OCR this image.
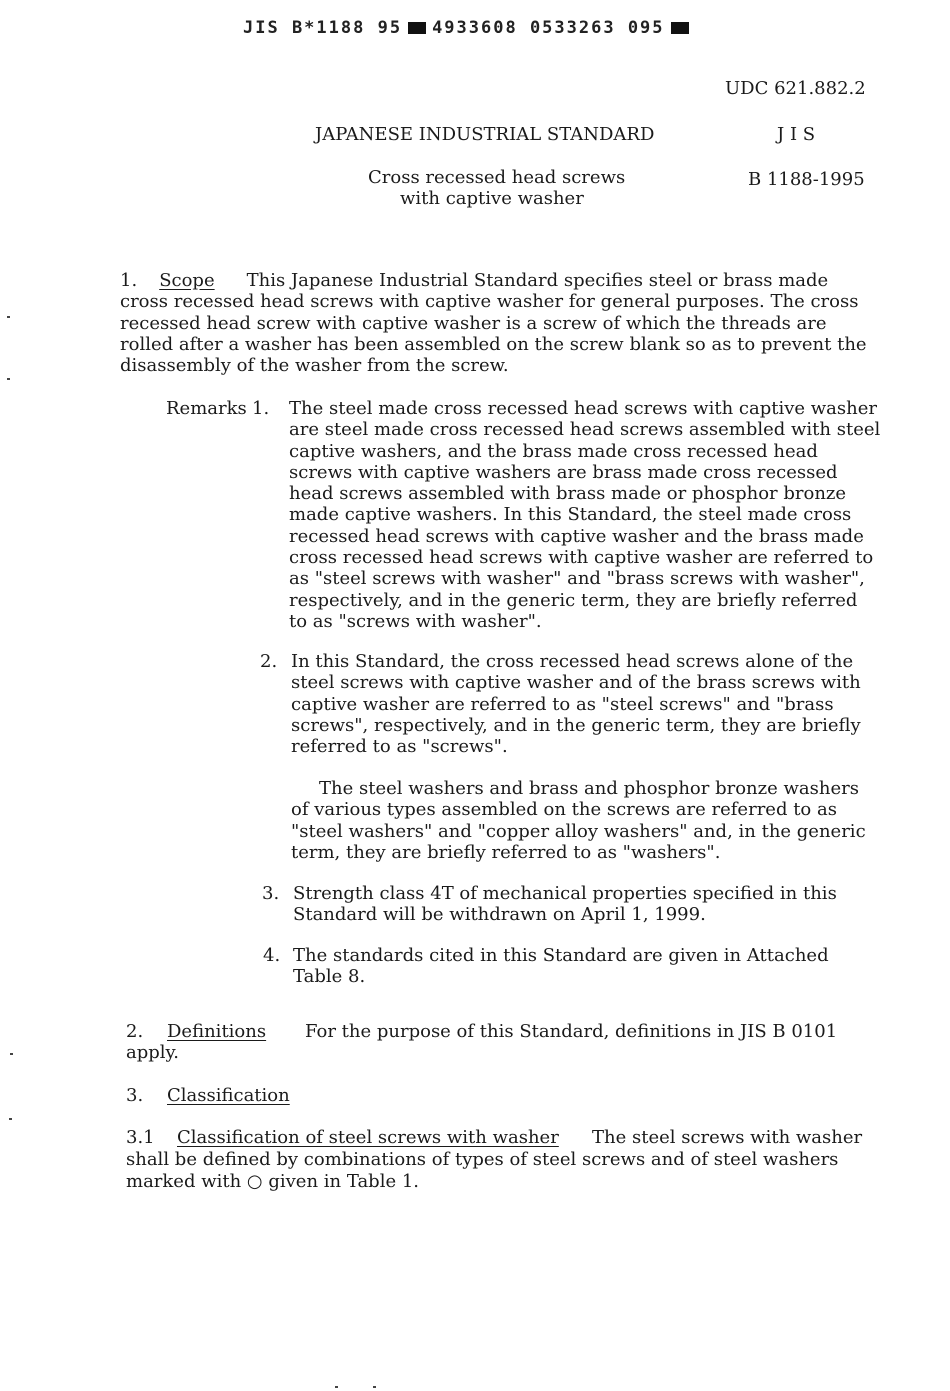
JIS B*1188 95 4933608 0533263 095
UDC 621.882.2
JAPANESE INDUSTRIAL STANDARD	J I S
Cross recessed head screws
with captive washer
B 1188-1995
1. Scope This Japanese Industrial Standard specifies steel or brass made
cross recessed head screws with captive washer for general purposes. The cross
recessed head screw with captive washer is a screw of which the threads are
rolled after a washer has been assembled on the screw blank so as to prevent the
disassembly of the washer from the screw.
Remarks 1. The steel made cross recessed head screws with captive washer
are steel made cross recessed head screws assembled with steel
captive washers, and the brass made cross recessed head
screws with captive washers are brass made cross recessed
head screws assembled with brass made or phosphor bronze
made captive washers. In this Standard, the steel made cross
recessed head screws with captive washer and the brass made
cross recessed head screws with captive washer are referred to
as "steel screws with washer" and "brass screws with washer",
respectively, and in the generic term, they are briefly referred
to as "screws with washer".
2. In this Standard, the cross recessed head screws alone of the
steel screws with captive washer and of the brass screws with
captive washer are referred to as "steel screws" and "brass
screws", respectively, and in the generic term, they are briefly
referred to as "screws".
The steel washers and brass and phosphor bronze washers
of various types assembled on the screws are referred to as
"steel washers" and "copper alloy washers" and, in the generic
term, they are briefly referred to as "washers".
3. Strength class 4T of mechanical properties specified in this
Standard will be withdrawn on April 1, 1999.
4. The standards cited in this Standard are given in Attached
Table 8.
2. Definitions For the purpose of this Standard, definitions in JIS B 0101
apply.
3. Classification
3.1 Classification of steel screws with washer The steel screws with washer
shall be defined by combinations of types of steel screws and of steel washers
marked with ○ given in Table 1.
